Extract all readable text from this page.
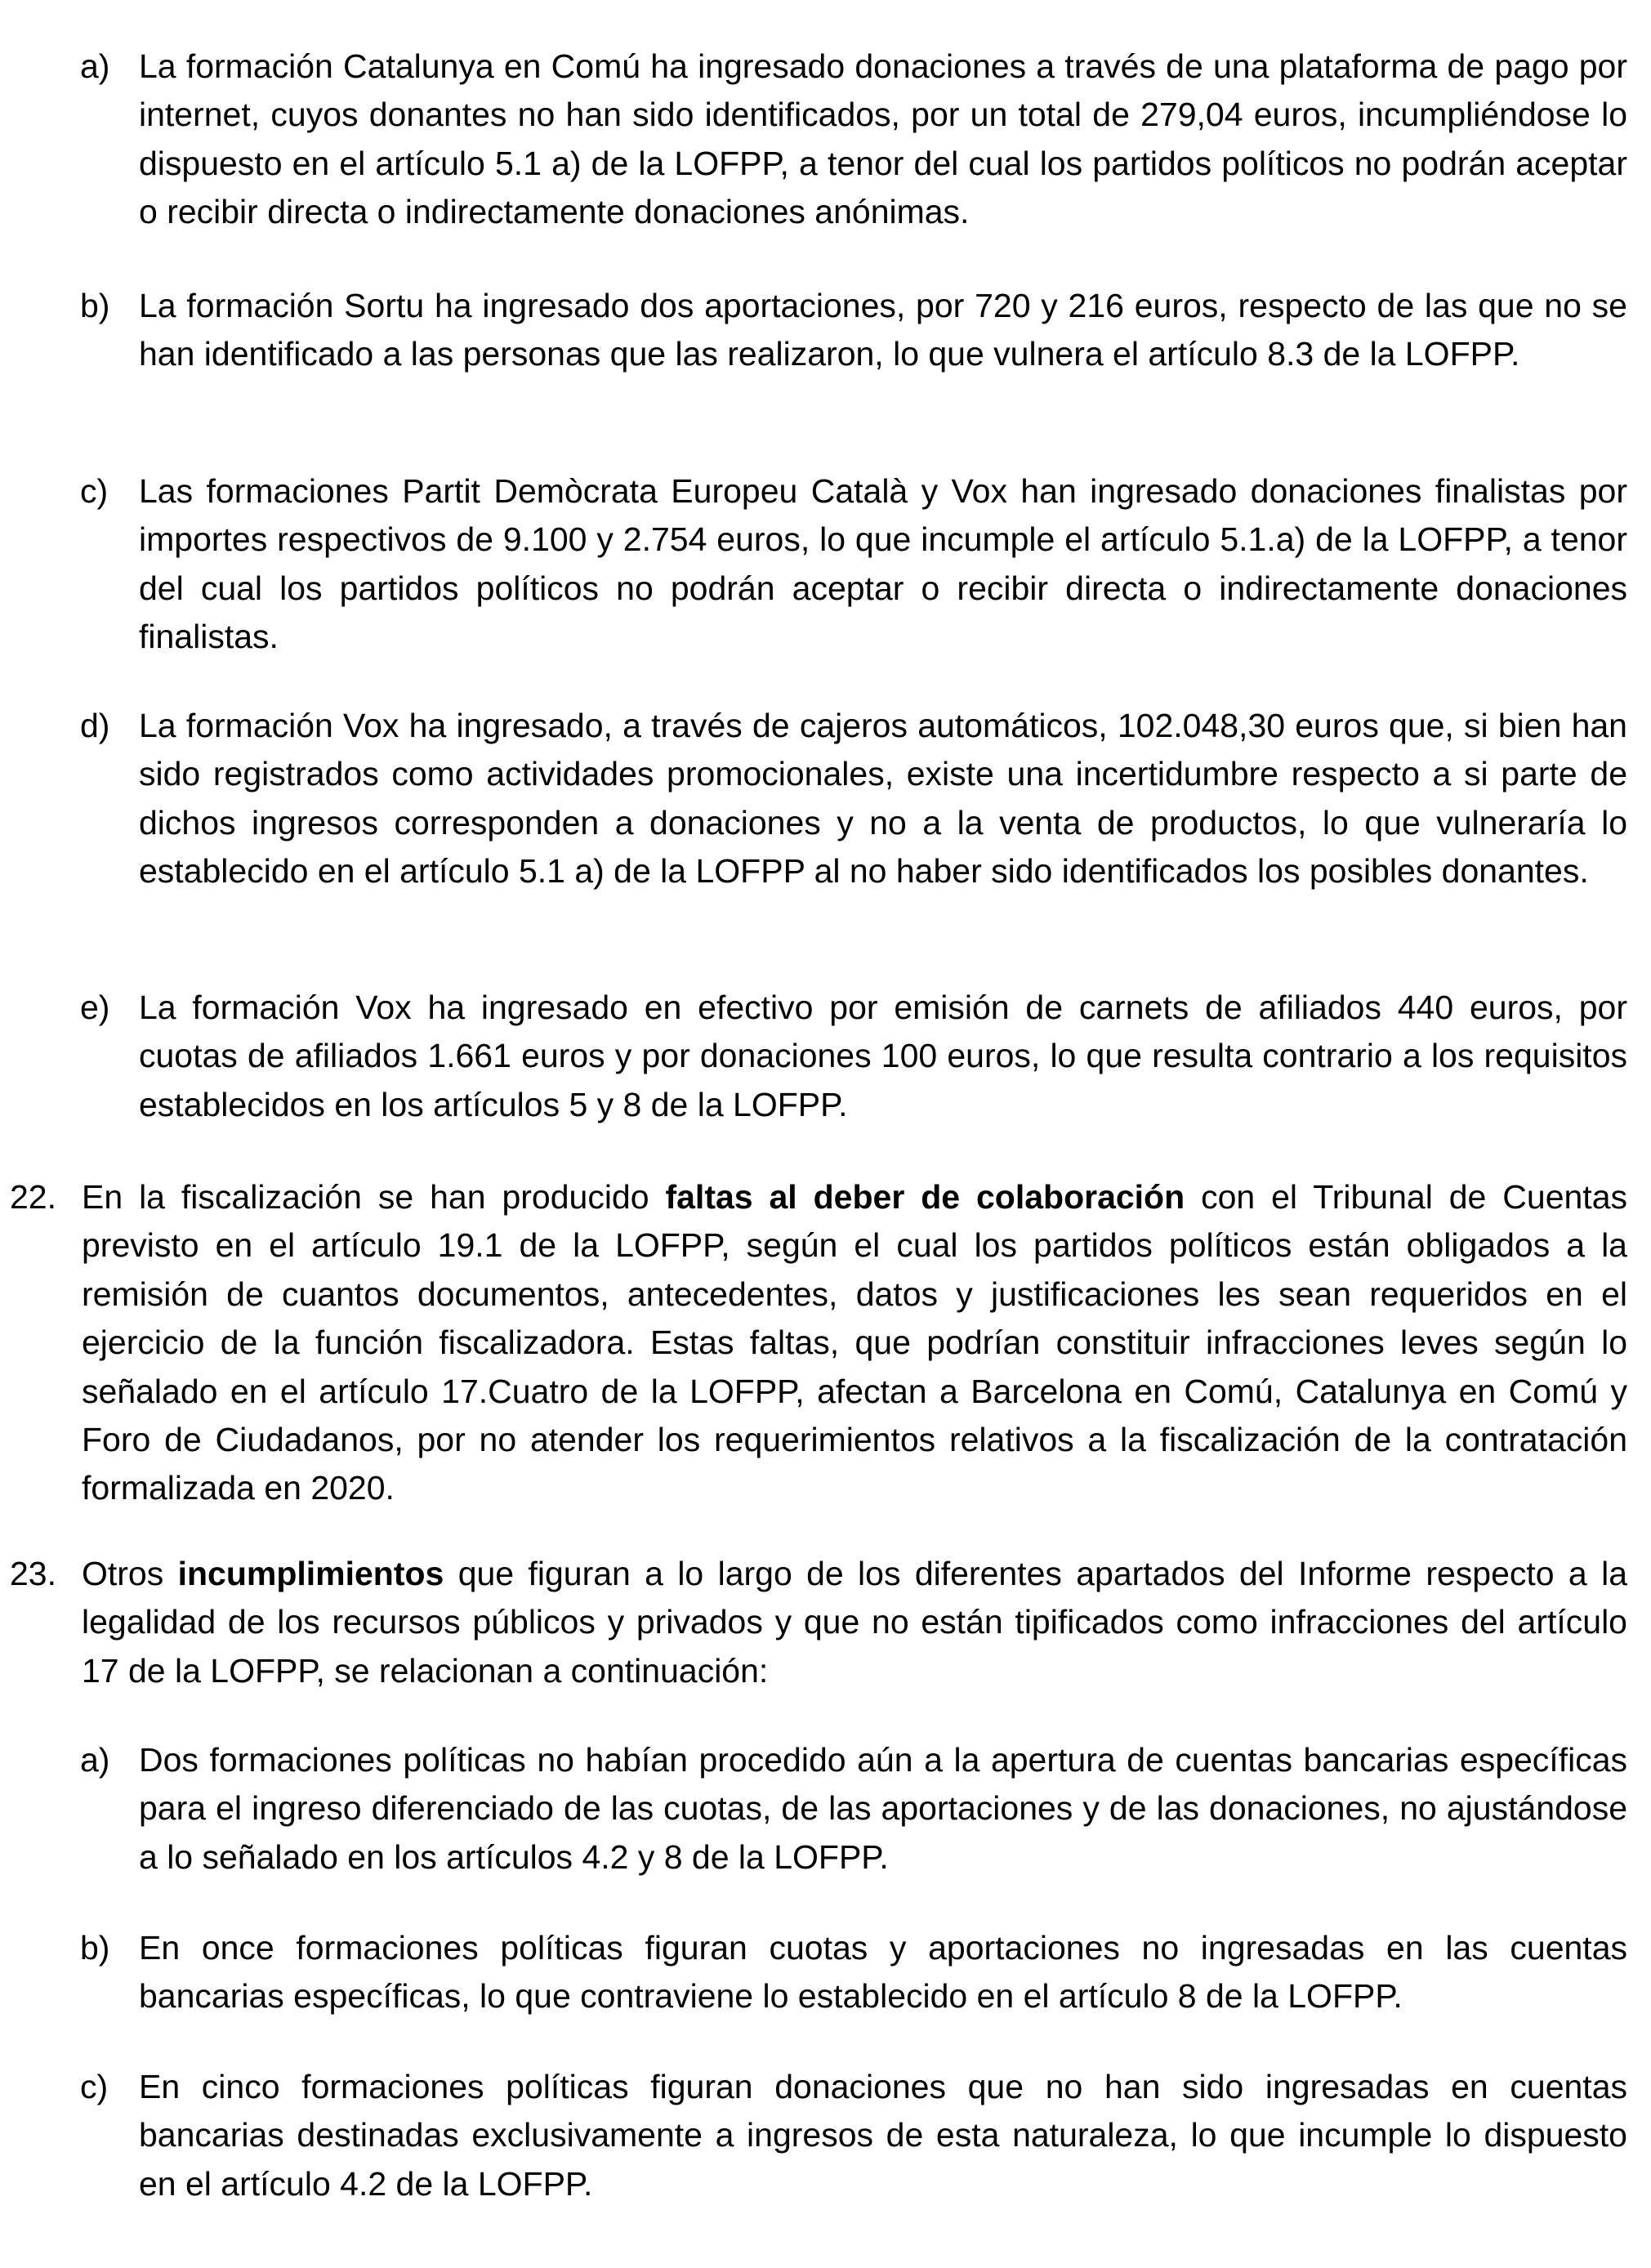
a) La formación Catalunya en Comú ha ingresado donaciones a través de una plataforma de pago por internet, cuyos donantes no han sido identificados, por un total de 279,04 euros, incumpliéndose lo dispuesto en el artículo 5.1 a) de la LOFPP, a tenor del cual los partidos políticos no podrán aceptar o recibir directa o indirectamente donaciones anónimas.
b) La formación Sortu ha ingresado dos aportaciones, por 720 y 216 euros, respecto de las que no se han identificado a las personas que las realizaron, lo que vulnera el artículo 8.3 de la LOFPP.
c) Las formaciones Partit Demòcrata Europeu Català y Vox han ingresado donaciones finalistas por importes respectivos de 9.100 y 2.754 euros, lo que incumple el artículo 5.1.a) de la LOFPP, a tenor del cual los partidos políticos no podrán aceptar o recibir directa o indirectamente donaciones finalistas.
d) La formación Vox ha ingresado, a través de cajeros automáticos, 102.048,30 euros que, si bien han sido registrados como actividades promocionales, existe una incertidumbre respecto a si parte de dichos ingresos corresponden a donaciones y no a la venta de productos, lo que vulneraría lo establecido en el artículo 5.1 a) de la LOFPP al no haber sido identificados los posibles donantes.
e) La formación Vox ha ingresado en efectivo por emisión de carnets de afiliados 440 euros, por cuotas de afiliados 1.661 euros y por donaciones 100 euros, lo que resulta contrario a los requisitos establecidos en los artículos 5 y 8 de la LOFPP.
22. En la fiscalización se han producido faltas al deber de colaboración con el Tribunal de Cuentas previsto en el artículo 19.1 de la LOFPP, según el cual los partidos políticos están obligados a la remisión de cuantos documentos, antecedentes, datos y justificaciones les sean requeridos en el ejercicio de la función fiscalizadora. Estas faltas, que podrían constituir infracciones leves según lo señalado en el artículo 17.Cuatro de la LOFPP, afectan a Barcelona en Comú, Catalunya en Comú y Foro de Ciudadanos, por no atender los requerimientos relativos a la fiscalización de la contratación formalizada en 2020.
23. Otros incumplimientos que figuran a lo largo de los diferentes apartados del Informe respecto a la legalidad de los recursos públicos y privados y que no están tipificados como infracciones del artículo 17 de la LOFPP, se relacionan a continuación:
a) Dos formaciones políticas no habían procedido aún a la apertura de cuentas bancarias específicas para el ingreso diferenciado de las cuotas, de las aportaciones y de las donaciones, no ajustándose a lo señalado en los artículos 4.2 y 8 de la LOFPP.
b) En once formaciones políticas figuran cuotas y aportaciones no ingresadas en las cuentas bancarias específicas, lo que contraviene lo establecido en el artículo 8 de la LOFPP.
c) En cinco formaciones políticas figuran donaciones que no han sido ingresadas en cuentas bancarias destinadas exclusivamente a ingresos de esta naturaleza, lo que incumple lo dispuesto en el artículo 4.2 de la LOFPP.
